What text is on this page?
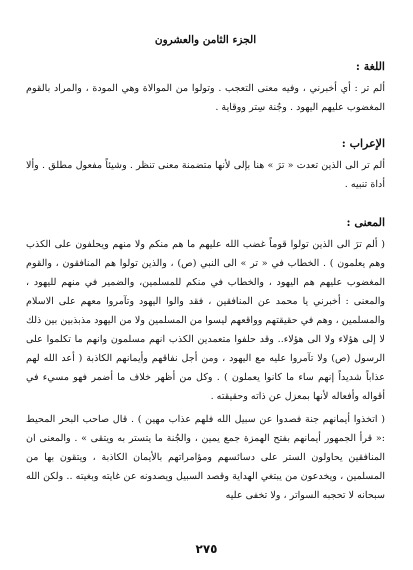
الجزء الثامن والعشرون
اللغة :

ألم تر : أي أخبرني ، وفيه معنى التعجب . وتولوا من الموالاة وهي المودة ، والمراد بالقوم المغضوب عليهم اليهود . وجُنة سِتر ووقاية .

الإعراب :

ألم تر الى الذين تعدت « ترَ » هنا بإلى لأنها متضمنة معنى تنظر . وشيئاً مفعول مطلق . وألا أداة تنبيه .

المعنى :

( ألم ترَ الى الذين تولوا قوماً غضب الله عليهم ما هم منكم ولا منهم ويحلفون على الكذب وهم يعلمون ) . الخطاب في « تر » الى النبي (ص) ، والذين تولوا هم المنافقون ، والقوم المغضوب عليهم هم اليهود ، والخطاب في منكم للمسلمين، والضمير في منهم لليهود ، والمعنى : أخبرني يا محمد عن المنافقين ، فقد والوا اليهود وتآمروا معهم على الاسلام والمسلمين ، وهم في حقيقتهم وواقعهم ليسوا من المسلمين ولا من اليهود مذبذبين بين ذلك لا إلى هؤلاء ولا الى هؤلاء.. وقد حلفوا متعمدين الكذب انهم مسلمون وانهم ما تكلموا على الرسول (ص) ولا تآمروا عليه مع اليهود ، ومن أجل نفاقهم وأيمانهم الكاذبة ( أعد الله لهم عذاباً شديداً إنهم ساء ما كانوا يعملون ) . وكل من أظهر خلاف ما أضمر فهو مسيء في أقواله وأفعاله لأنها بمعزل عن ذاته وحقيقته .

( اتخذوا أيمانهم جنة فصدوا عن سبيل الله فلهم عذاب مهين ) . قال صاحب البحر المحيط :« قرأ الجمهور أيمانهم بفتح الهمزة جمع يمين ، والجُنة ما يتستر به ويتقى » . والمعنى ان المنافقين يحاولون الستر على دسائسهم ومؤامراتهم بالأيمان الكاذبة ، ويتقون بها من المسلمين ، ويخدعون من يبتغي الهداية وقصد السبيل ويصدونه عن غايته وبغيته .. ولكن الله سبحانه لا تحجبه السواتر ، ولا تخفى عليه

٢٧٥
